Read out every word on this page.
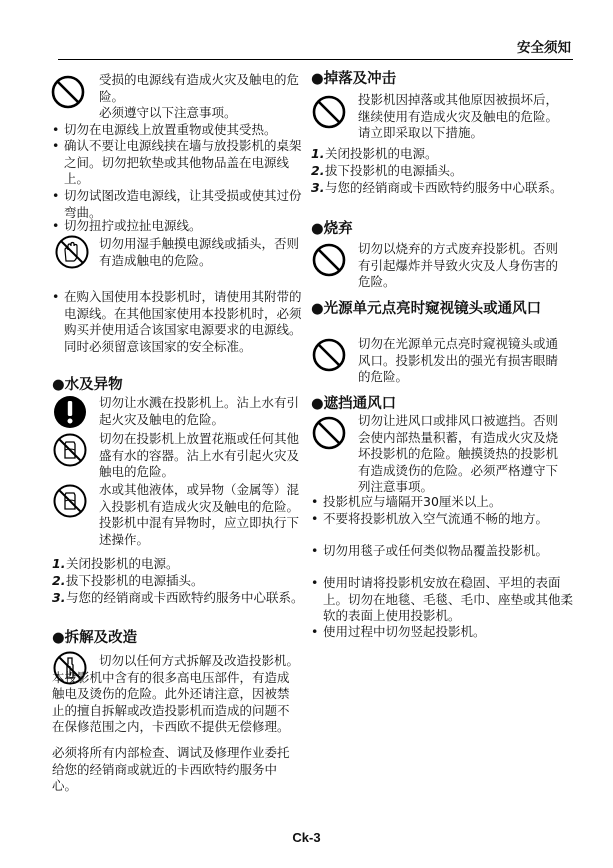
安全须知
受损的电源线有造成火灾及触电的危险。
必须遵守以下注意事项。
• 切勿在电源线上放置重物或使其受热。
• 确认不要让电源线挟在墙与放投影机的桌架之间。切勿把软垫或其他物品盖在电源线上。
• 切勿试图改造电源线，让其受损或使其过份弯曲。
• 切勿扭拧或拉扯电源线。
切勿用湿手触摸电源线或插头，否则有造成触电的危险。
• 在购入国使用本投影机时，请使用其附带的电源线。在其他国家使用本投影机时，必须购买并使用适合该国家电源要求的电源线。同时必须留意该国家的安全标准。
●水及异物
切勿让水溅在投影机上。沾上水有引起火灾及触电的危险。
切勿在投影机上放置花瓶或任何其他盛有水的容器。沾上水有引起火灾及触电的危险。
水或其他液体，或异物（金属等）混入投影机有造成火灾及触电的危险。投影机中混有异物时，应立即执行下述操作。
1. 关闭投影机的电源。
2. 拔下投影机的电源插头。
3. 与您的经销商或卡西欧特约服务中心联系。
●拆解及改造
切勿以任何方式拆解及改造投影机。本投影机中含有的很多高电压部件，有造成触电及烫伤的危险。此外还请注意，因被禁止的擅自拆解或改造投影机而造成的问题不在保修范围之内，卡西欧不提供无偿修理。
必须将所有内部检查、调试及修理作业委托给您的经销商或就近的卡西欧特约服务中心。
●掉落及冲击
投影机因掉落或其他原因被损坏后，继续使用有造成火灾及触电的危险。请立即采取以下措施。
1. 关闭投影机的电源。
2. 拔下投影机的电源插头。
3. 与您的经销商或卡西欧特约服务中心联系。
●烧弃
切勿以烧弃的方式废弃投影机。否则有引起爆炸并导致火灾及人身伤害的危险。
●光源单元点亮时窥视镜头或通风口
切勿在光源单元点亮时窥视镜头或通风口。投影机发出的强光有损害眼睛的危险。
●遮挡通风口
切勿让进风口或排风口被遮挡。否则会使内部热量积蓄，有造成火灾及烧坏投影机的危险。触摸烫热的投影机有造成烫伤的危险。必须严格遵守下列注意事项。
• 投影机应与墙隔开30厘米以上。
• 不要将投影机放入空气流通不畅的地方。
• 切勿用毯子或任何类似物品覆盖投影机。
• 使用时请将投影机安放在稳固、平坦的表面上。切勿在地毯、毛毯、毛巾、座垫或其他柔软的表面上使用投影机。
• 使用过程中切勿竖起投影机。
Ck-3
